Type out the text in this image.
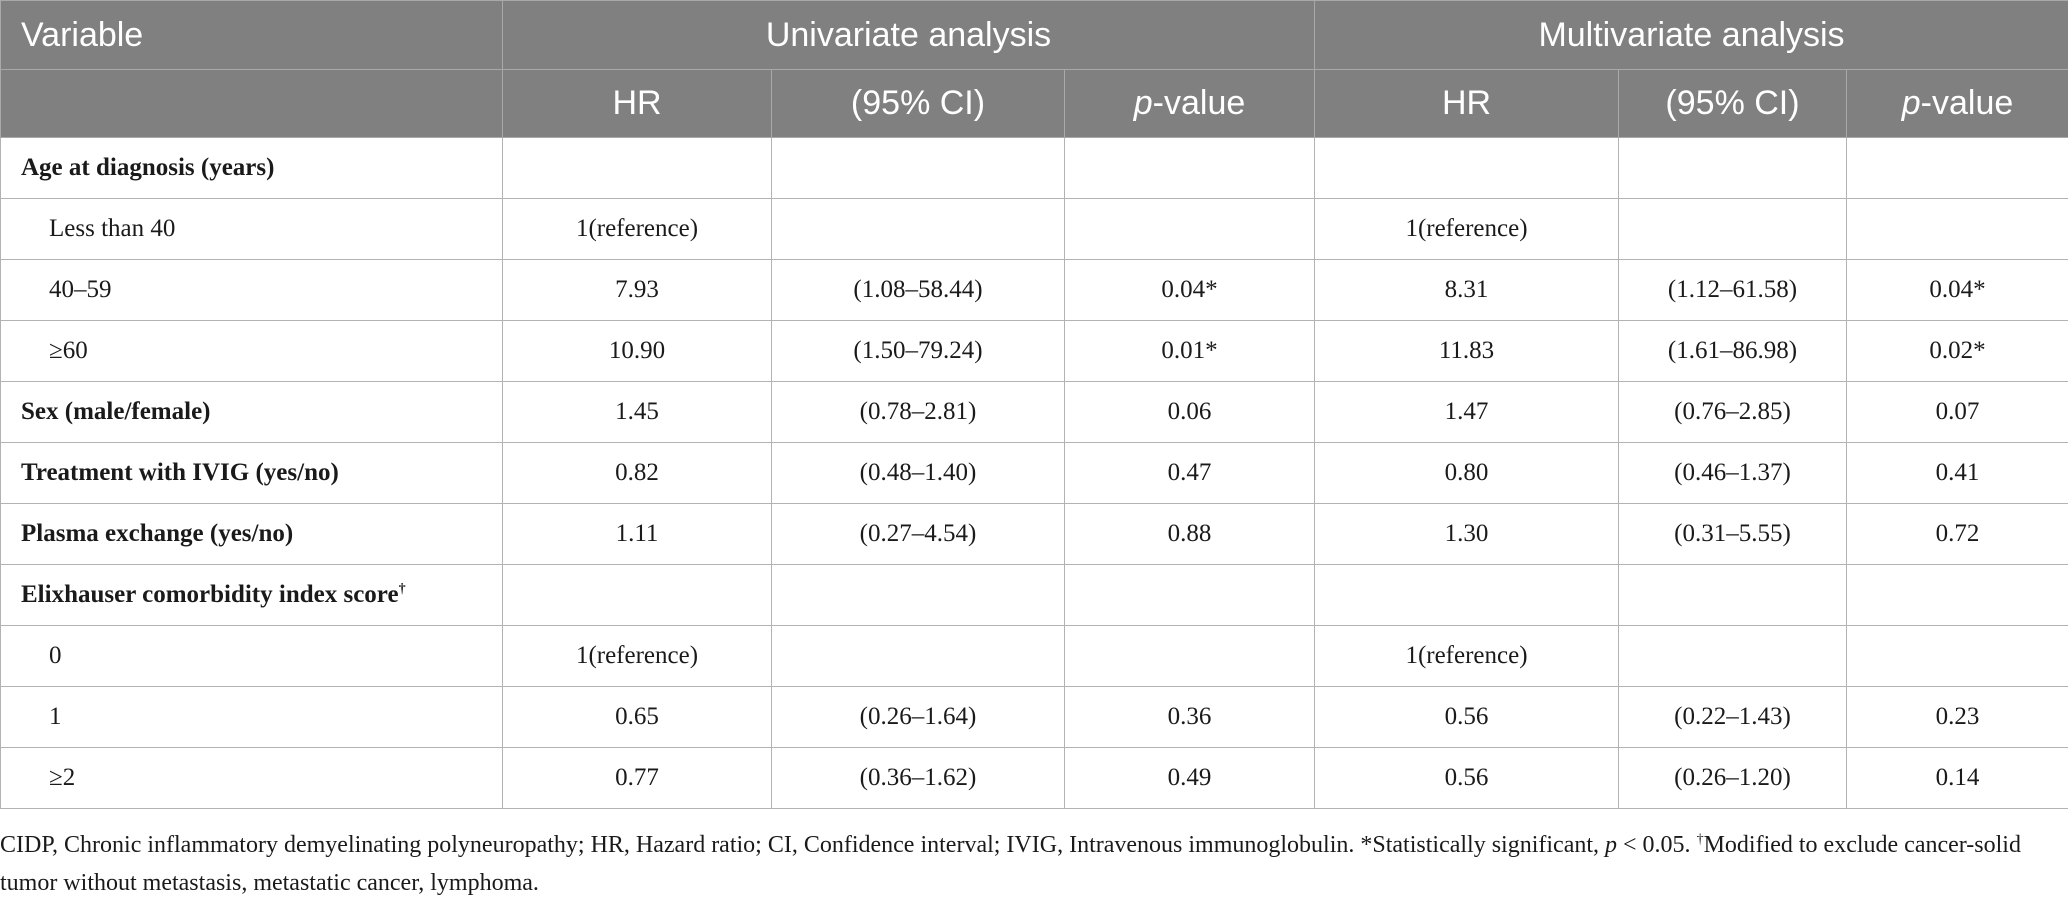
Variable	Univariate analysis			Multivariate analysis		
	HR	(95% CI)	p-value	HR	(95% CI)	p-value
Age at diagnosis (years)						
Less than 40	1(reference)			1(reference)		
40–59	7.93	(1.08–58.44)	0.04*	8.31	(1.12–61.58)	0.04*
≥60	10.90	(1.50–79.24)	0.01*	11.83	(1.61–86.98)	0.02*
Sex (male/female)	1.45	(0.78–2.81)	0.06	1.47	(0.76–2.85)	0.07
Treatment with IVIG (yes/no)	0.82	(0.48–1.40)	0.47	0.80	(0.46–1.37)	0.41
Plasma exchange (yes/no)	1.11	(0.27–4.54)	0.88	1.30	(0.31–5.55)	0.72
Elixhauser comorbidity index score†						
0	1(reference)			1(reference)		
1	0.65	(0.26–1.64)	0.36	0.56	(0.22–1.43)	0.23
≥2	0.77	(0.36–1.62)	0.49	0.56	(0.26–1.20)	0.14
CIDP, Chronic inflammatory demyelinating polyneuropathy; HR, Hazard ratio; CI, Confidence interval; IVIG, Intravenous immunoglobulin. *Statistically significant, p < 0.05. †Modified to exclude cancer-solid tumor without metastasis, metastatic cancer, lymphoma.
